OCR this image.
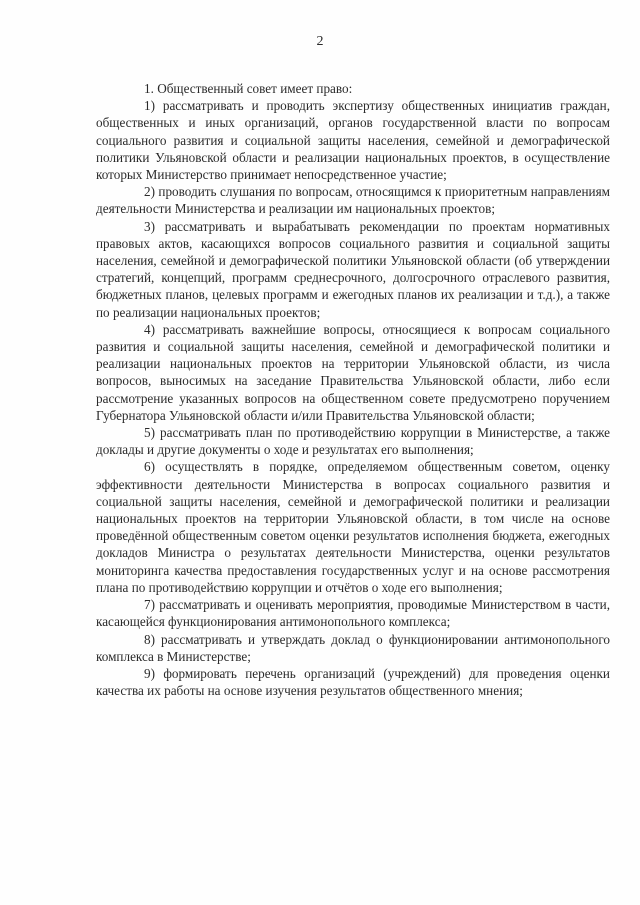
2

1. Общественный совет имеет право:

1) рассматривать и проводить экспертизу общественных инициатив граждан, общественных и иных организаций, органов государственной власти по вопросам социального развития и социальной защиты населения, семейной и демографической политики Ульяновской области и реализации национальных проектов, в осуществление которых Министерство принимает непосредственное участие;

2) проводить слушания по вопросам, относящимся к приоритетным направлениям деятельности Министерства и реализации им национальных проектов;

3) рассматривать и вырабатывать рекомендации по проектам нормативных правовых актов, касающихся вопросов социального развития и социальной защиты населения, семейной и демографической политики Ульяновской области (об утверждении стратегий, концепций, программ среднесрочного, долгосрочного отраслевого развития, бюджетных планов, целевых программ и ежегодных планов их реализации и т.д.), а также по реализации национальных проектов;

4) рассматривать важнейшие вопросы, относящиеся к вопросам социального развития и социальной защиты населения, семейной и демографической политики и реализации национальных проектов на территории Ульяновской области, из числа вопросов, выносимых на заседание Правительства Ульяновской области, либо если рассмотрение указанных вопросов на общественном совете предусмотрено поручением Губернатора Ульяновской области и/или Правительства Ульяновской области;

5) рассматривать план по противодействию коррупции в Министерстве, а также доклады и другие документы о ходе и результатах его выполнения;

6) осуществлять в порядке, определяемом общественным советом, оценку эффективности деятельности Министерства в вопросах социального развития и социальной защиты населения, семейной и демографической политики и реализации национальных проектов на территории Ульяновской области, в том числе на основе проведённой общественным советом оценки результатов исполнения бюджета, ежегодных докладов Министра о результатах деятельности Министерства, оценки результатов мониторинга качества предоставления государственных услуг и на основе рассмотрения плана по противодействию коррупции и отчётов о ходе его выполнения;

7) рассматривать и оценивать мероприятия, проводимые Министерством в части, касающейся функционирования антимонопольного комплекса;

8) рассматривать и утверждать доклад о функционировании антимонопольного комплекса в Министерстве;

9) формировать перечень организаций (учреждений) для проведения оценки качества их работы на основе изучения результатов общественного мнения;
